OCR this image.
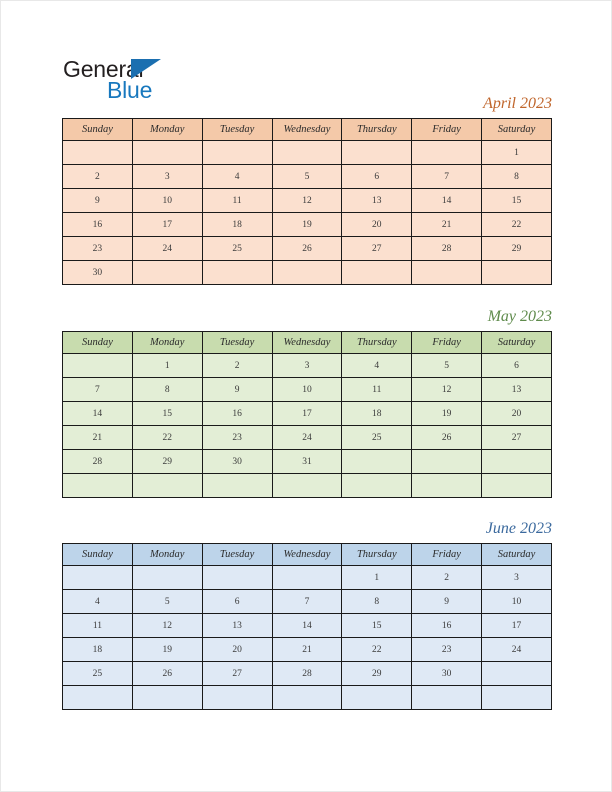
General
Blue
April 2023
Sunday	Monday	Tuesday	Wednesday	Thursday	Friday	Saturday
						1
2	3	4	5	6	7	8
9	10	11	12	13	14	15
16	17	18	19	20	21	22
23	24	25	26	27	28	29
30						
May 2023
Sunday	Monday	Tuesday	Wednesday	Thursday	Friday	Saturday
	1	2	3	4	5	6
7	8	9	10	11	12	13
14	15	16	17	18	19	20
21	22	23	24	25	26	27
28	29	30	31			

June 2023
Sunday	Monday	Tuesday	Wednesday	Thursday	Friday	Saturday
				1	2	3
4	5	6	7	8	9	10
11	12	13	14	15	16	17
18	19	20	21	22	23	24
25	26	27	28	29	30	
